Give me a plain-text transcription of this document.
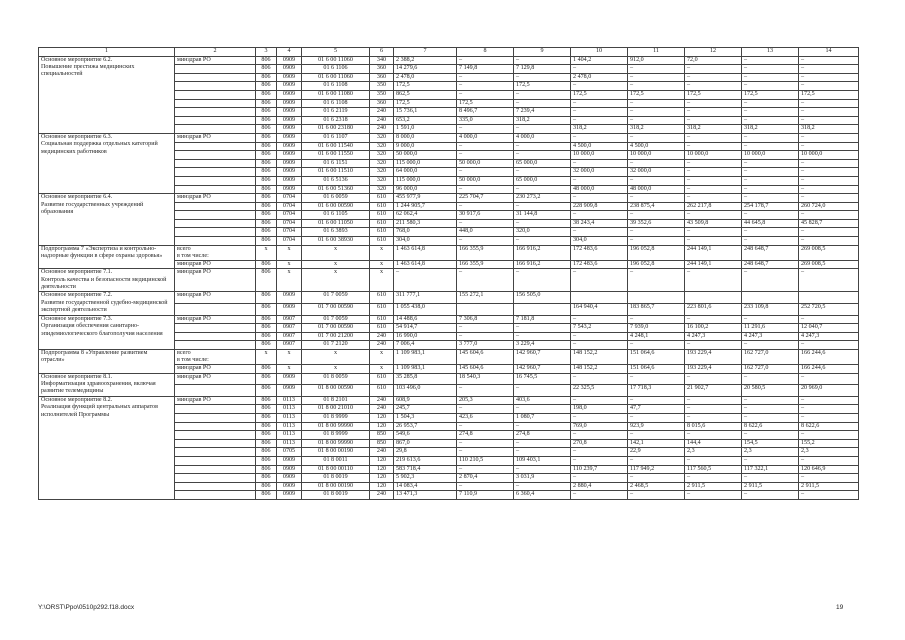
1	2	3	4	5	6	7	8	9	10	11	12	13	14
Основное мероприятие 6.2.
Повышение престижа медицинских специальностей	минздрав РО	806	0909	01 6 00 11060	340	2 388,2	–	–	1 404,2	912,0	72,0	–	–
		806	0909	01 6 1106	360	14 279,6	7 149,8	7 129,8	–	–	–	–	–
		806	0909	01 6 00 11060	360	2 478,0	–	–	2 478,0	–	–	–	–
		806	0909	01 6 1108	350	172,5	–	172,5	–	–	–	–	–
		806	0909	01 6 00 11080	350	862,5	–	–	172,5	172,5	172,5	172,5	172,5
		806	0909	01 6 1108	360	172,5	172,5	–	–	–	–	–	–
		806	0909	01 6 2119	240	15 736,1	8 496,7	7 239,4	–	–	–	–	–
		806	0909	01 6 2318	240	653,2	335,0	318,2	–	–	–	–	–
		806	0909	01 6 00 23180	240	1 591,0	–	–	318,2	318,2	318,2	318,2	318,2
Основное мероприятие 6.3.
Социальная поддержка отдельных категорий медицинских работников	минздрав РО	806	0909	01 6 1107	320	8 000,0	4 000,0	4 000,0	–	–	–	–	–
		806	0909	01 6 00 11540	320	9 000,0	–	–	4 500,0	4 500,0	–	–	–
		806	0909	01 6 00 11550	320	50 000,0	–	–	10 000,0	10 000,0	10 000,0	10 000,0	10 000,0
		806	0909	01 6 1151	320	115 000,0	50 000,0	65 000,0	–	–	–	–	–
		806	0909	01 6 00 11510	320	64 000,0	–	–	32 000,0	32 000,0	–	–	–
		806	0909	01 6 5136	320	115 000,0	50 000,0	65 000,0	–	–	–	–	–
		806	0909	01 6 00 51360	320	96 000,0	–	–	48 000,0	48 000,0	–	–	–
Основное мероприятие 6.4.
Развитие государственных учреждений образования	минздрав РО	806	0704	01 6 0059	610	455 977,9	225 704,7	230 273,2	–	–	–	–	–
		806	0704	01 6 00 00590	610	1 244 905,7	–	–	228 909,8	238 875,4	262 217,8	254 178,7	260 724,0
		806	0704	01 6 1105	610	62 062,4	30 917,6	31 144,8	–	–	–	–	–
		806	0704	01 6 00 11050	610	211 580,3	–	–	38 243,4	39 352,6	43 509,8	44 645,8	45 828,7
		806	0704	01 6 3893	610	768,0	448,0	320,0	–	–	–	–	–
		806	0704	01 6 00 38930	610	304,0	–	–	304,0	–	–	–	–
Подпрограмма 7 «Экспертиза и контрольно-надзорные функции в сфере охраны здоровья»	всего
в том числе:	x	x	x	x	1 463 614,8	166 355,9	166 916,2	172 483,6	196 052,8	244 149,1	248 648,7	269 008,5
	минздрав РО	806	x	x	x	1 463 614,8	166 355,9	166 916,2	172 483,6	196 052,8	244 149,1	248 648,7	269 008,5
Основное мероприятие 7.1.
Контроль качества и безопасности медицинской деятельности	минздрав РО	806	x	x	x	–	–	–	–	–	–	–	–
Основное мероприятие 7.2.
Развитие государственной судебно-медицинской экспертной деятельности	минздрав РО	806	0909	01 7 0059	610	311 777,1	155 272,1	156 505,0					
		806	0909	01 7 00 00590	610	1 055 438,0			164 940,4	183 865,7	223 801,6	233 109,8	252 720,5
Основное мероприятие 7.3.
Организация обеспечения санитарно-эпидемиологического благополучия населения	минздрав РО	806	0907	01 7 0059	610	14 488,6	7 306,8	7 181,8	–	–	–	–	–
		806	0907	01 7 00 00590	610	54 914,7	–	–	7 543,2	7 939,0	16 100,2	11 291,6	12 040,7
		806	0907	01 7 00 21200	240	16 990,0	–	–	–	4 248,1	4 247,3	4 247,3	4 247,3
		806	0907	01 7 2120	240	7 006,4	3 777,0	3 229,4	–	–	–	–	–
Подпрограмма 8 «Управление развитием отрасли»	всего
в том числе:	x	x	x	x	1 109 983,1	145 604,6	142 960,7	148 152,2	151 064,6	193 229,4	162 727,0	166 244,6
	минздрав РО	806	x	x	x	1 109 983,1	145 604,6	142 960,7	148 152,2	151 064,6	193 229,4	162 727,0	166 244,6
Основное мероприятие 8.1.
Информатизация здравоохранения, включая развитие телемедицины	минздрав РО	806	0909	01 8 0059	610	35 285,8	18 540,3	16 745,5	–	–	–	–	–
		806	0909	01 8 00 00590	610	103 496,0	–	–	22 325,5	17 718,3	21 902,7	20 580,5	20 969,0
Основное мероприятие 8.2.
Реализация функций центральных аппаратов исполнителей Программы	минздрав РО	806	0113	01 8 2101	240	608,9	205,3	403,6	–	–	–	–	–
		806	0113	01 8 00 21010	240	245,7	–	–	198,0	47,7	–	–	–
		806	0113	01 8 9999	120	1 504,3	423,6	1 080,7	–	–	–	–	–
		806	0113	01 8 00 99990	120	26 953,7	–	–	769,0	923,9	8 015,6	8 622,6	8 622,6
		806	0113	01 8 9999	850	549,6	274,8	274,8	–	–	–	–	–
		806	0113	01 8 00 99990	850	867,0	–	–	270,8	142,1	144,4	154,5	155,2
		806	0705	01 8 00 00190	240	29,8	–	–	–	22,9	2,3	2,3	2,3
		806	0909	01 8 0011	120	219 613,6	110 210,5	109 403,1	–	–	–	–	–
		806	0909	01 8 00 00110	120	583 718,4	–	–	110 239,7	117 949,2	117 560,5	117 322,1	120 646,9
		806	0909	01 8 0019	120	5 902,3	2 870,4	3 031,9	–	–	–	–	–
		806	0909	01 8 00 00190	120	14 083,4	–	–	2 880,4	2 468,5	2 911,5	2 911,5	2 911,5
		806	0909	01 8 0019	240	13 471,3	7 110,9	6 360,4	–	–	–	–	–
Y:\ORST\Ppo\0510p292.f18.docx	19
